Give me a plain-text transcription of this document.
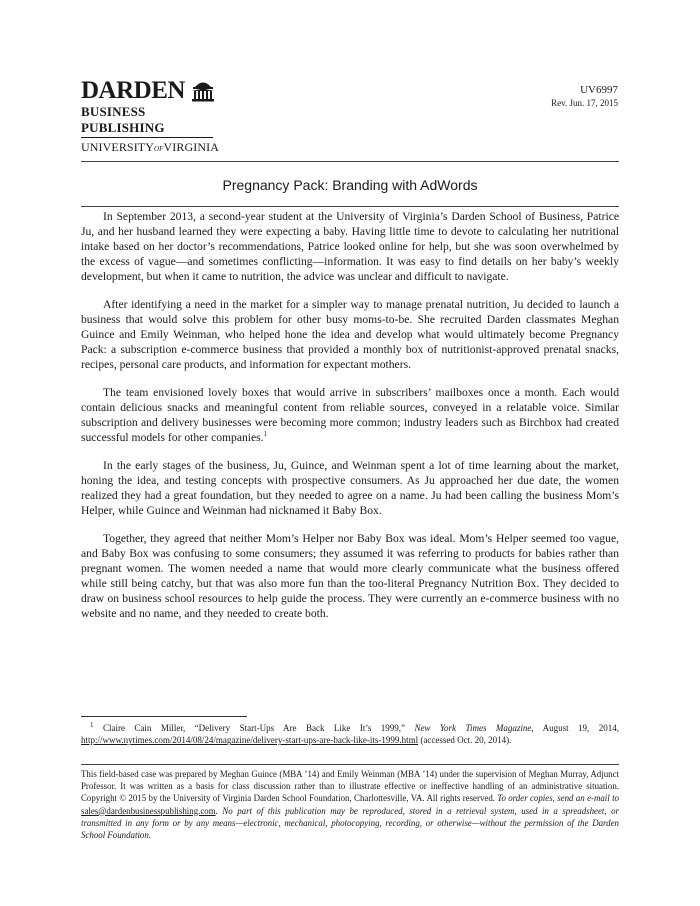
DARDEN
BUSINESS PUBLISHING
UNIVERSITYofVIRGINIA
UV6997
Rev. Jun. 17, 2015
Pregnancy Pack: Branding with AdWords

In September 2013, a second-year student at the University of Virginia’s Darden School of Business, Patrice Ju, and her husband learned they were expecting a baby. Having little time to devote to calculating her nutritional intake based on her doctor’s recommendations, Patrice looked online for help, but she was soon overwhelmed by the excess of vague—and sometimes conflicting—information. It was easy to find details on her baby’s weekly development, but when it came to nutrition, the advice was unclear and difficult to navigate.

After identifying a need in the market for a simpler way to manage prenatal nutrition, Ju decided to launch a business that would solve this problem for other busy moms-to-be. She recruited Darden classmates Meghan Guince and Emily Weinman, who helped hone the idea and develop what would ultimately become Pregnancy Pack: a subscription e-commerce business that provided a monthly box of nutritionist-approved prenatal snacks, recipes, personal care products, and information for expectant mothers.

The team envisioned lovely boxes that would arrive in subscribers’ mailboxes once a month. Each would contain delicious snacks and meaningful content from reliable sources, conveyed in a relatable voice. Similar subscription and delivery businesses were becoming more common; industry leaders such as Birchbox had created successful models for other companies.$^1$

In the early stages of the business, Ju, Guince, and Weinman spent a lot of time learning about the market, honing the idea, and testing concepts with prospective consumers. As Ju approached her due date, the women realized they had a great foundation, but they needed to agree on a name. Ju had been calling the business Mom’s Helper, while Guince and Weinman had nicknamed it Baby Box.

Together, they agreed that neither Mom’s Helper nor Baby Box was ideal. Mom’s Helper seemed too vague, and Baby Box was confusing to some consumers; they assumed it was referring to products for babies rather than pregnant women. The women needed a name that would more clearly communicate what the business offered while still being catchy, but that was also more fun than the too-literal Pregnancy Nutrition Box. They decided to draw on business school resources to help guide the process. They were currently an e-commerce business with no website and no name, and they needed to create both.

$^1$ Claire Cain Miller, “Delivery Start-Ups Are Back Like It’s 1999,” New York Times Magazine, August 19, 2014, http://www.nytimes.com/2014/08/24/magazine/delivery-start-ups-are-back-like-its-1999.html (accessed Oct. 20, 2014).
This field-based case was prepared by Meghan Guince (MBA ’14) and Emily Weinman (MBA ’14) under the supervision of Meghan Murray, Adjunct Professor. It was written as a basis for class discussion rather than to illustrate effective or ineffective handling of an administrative situation. Copyright © 2015 by the University of Virginia Darden School Foundation, Charlottesville, VA. All rights reserved. To order copies, send an e-mail to sales@dardenbusinesspublishing.com. No part of this publication may be reproduced, stored in a retrieval system, used in a spreadsheet, or transmitted in any form or by any means—electronic, mechanical, photocopying, recording, or otherwise—without the permission of the Darden School Foundation.
